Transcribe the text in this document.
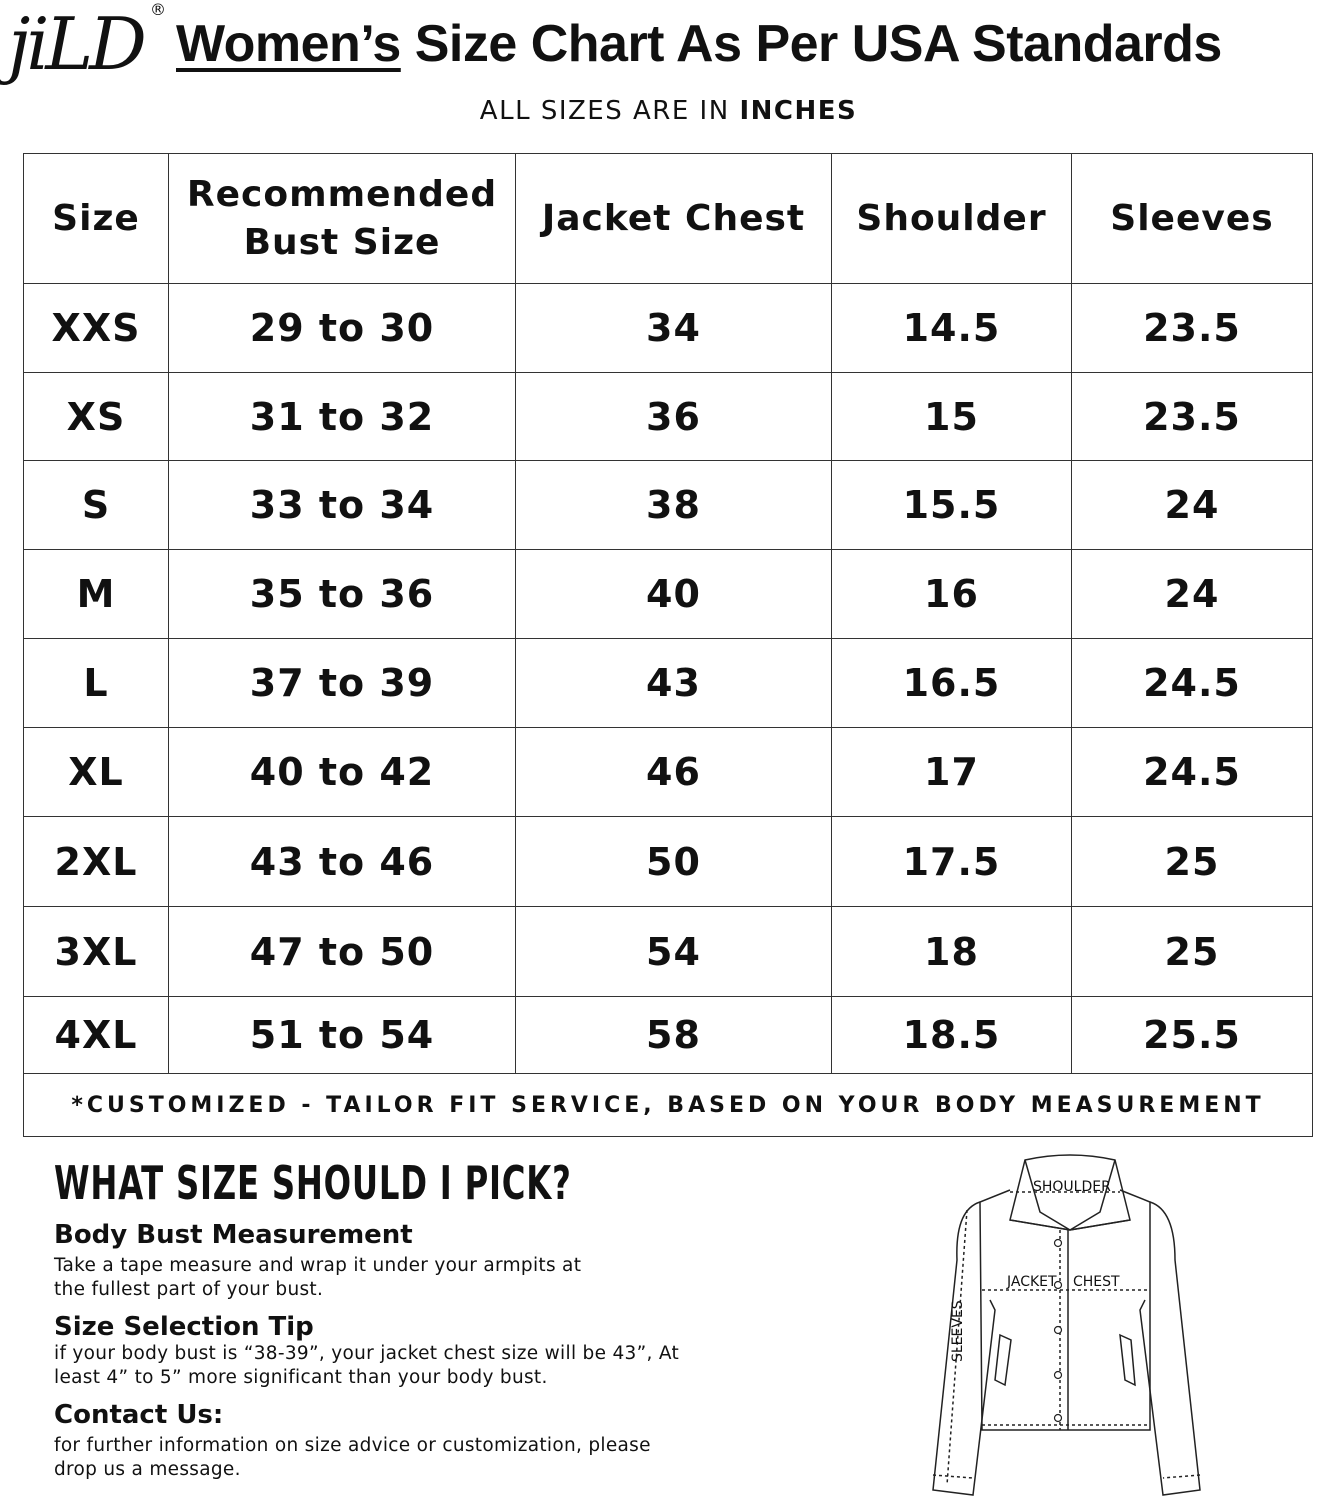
jiLD ®
Women’s Size Chart As Per USA Standards
ALL SIZES ARE IN INCHES
Size	Recommended Bust Size	Jacket Chest	Shoulder	Sleeves
XXS	29 to 30	34	14.5	23.5
XS	31 to 32	36	15	23.5
S	33 to 34	38	15.5	24
M	35 to 36	40	16	24
L	37 to 39	43	16.5	24.5
XL	40 to 42	46	17	24.5
2XL	43 to 46	50	17.5	25
3XL	47 to 50	54	18	25
4XL	51 to 54	58	18.5	25.5
*CUSTOMIZED - TAILOR FIT SERVICE, BASED ON YOUR BODY MEASUREMENT				
WHAT SIZE SHOULD I PICK?
Body Bust Measurement

Take a tape measure and wrap it under your armpits at
the fullest part of your bust.

Size Selection Tip

if your body bust is “38-39”, your jacket chest size will be 43”, At
least 4” to 5” more significant than your body bust.

Contact Us:

for further information on size advice or customization, please
drop us a message.

SHOULDER
JACKET CHEST
SLEEVES
